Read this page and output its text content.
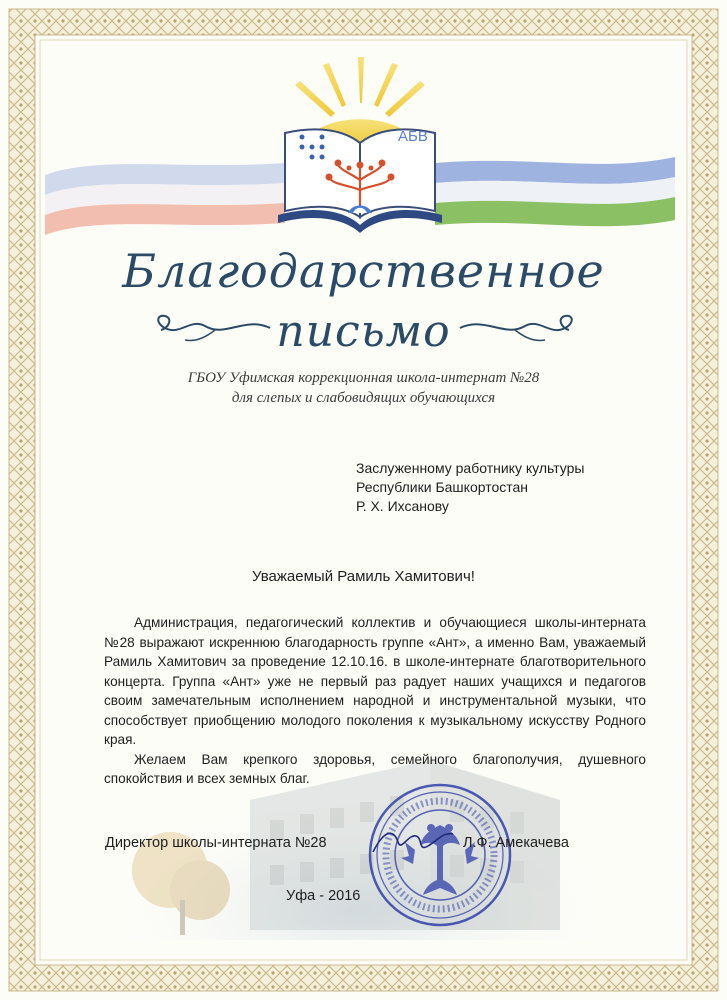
АБВ
Благодарственное
письмо
ГБОУ Уфимская коррекционная школа-интернат №28
для слепых и слабовидящих обучающихся
Заслуженному работнику культуры
Республики Башкортостан
Р. Х. Ихсанову
Уважаемый Рамиль Хамитович!

Администрация, педагогический коллектив и обучающиеся школы-интерната №28 выражают искреннюю благодарность группе «Ант», а именно Вам, уважаемый Рамиль Хамитович за проведение 12.10.16. в школе-интернате благотворительного концерта. Группа «Ант» уже не первый раз радует наших учащихся и педагогов своим замечательным исполнением народной и инструментальной музыки, что способствует приобщению молодого поколения к музыкальному искусству Родного края.

Желаем Вам крепкого здоровья, семейного благополучия, душевного спокойствия и всех земных благ.

Директор школы-интерната №28	Л.Ф. Амекачева
Уфа - 2016
